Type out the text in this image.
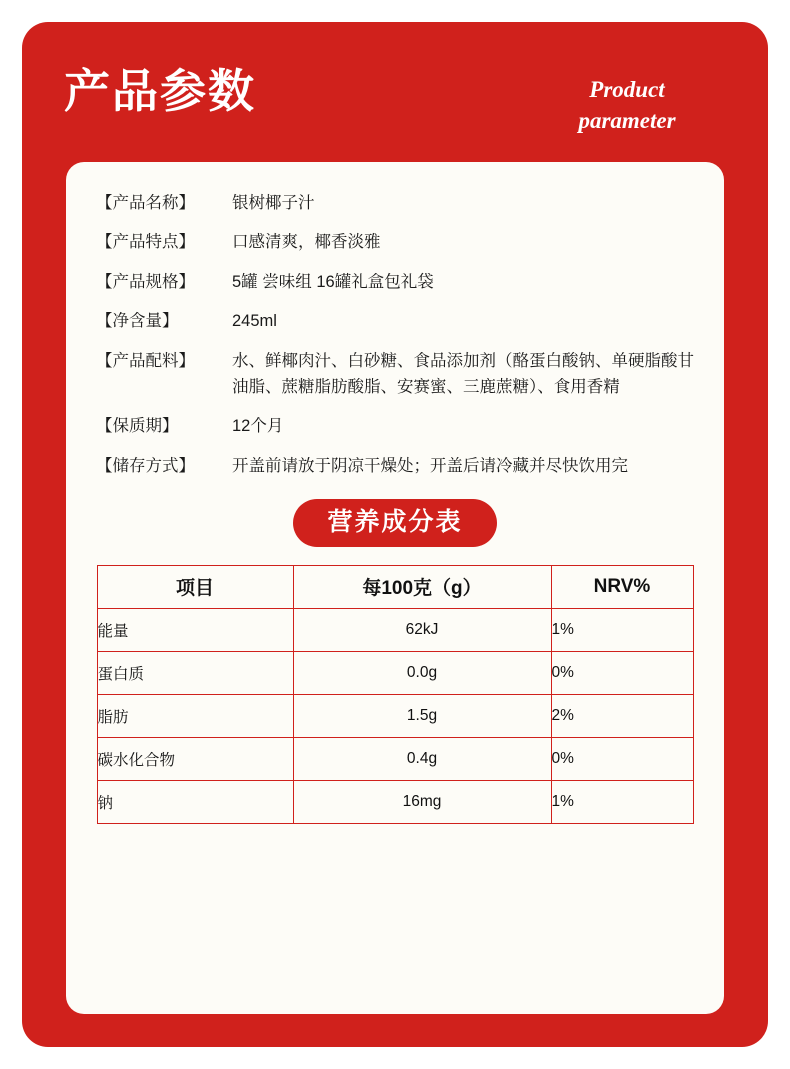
产品参数	Product
parameter
【产品名称】	银树椰子汁
【产品特点】	口感清爽，椰香淡雅
【产品规格】	5罐 尝味组 16罐礼盒包礼袋
【净含量】	245ml
【产品配料】	水、鲜椰肉汁、白砂糖、食品添加剂（酪蛋白酸钠、单硬脂酸甘油脂、蔗糖脂肪酸脂、安赛蜜、三鹿蔗糖）、食用香精
【保质期】	12个月
【储存方式】	开盖前请放于阴凉干燥处；开盖后请冷藏并尽快饮用完
营养成分表
项目	每100克（g）	NRV%
能量	62kJ	1%
蛋白质	0.0g	0%
脂肪	1.5g	2%
碳水化合物	0.4g	0%
钠	16mg	1%
